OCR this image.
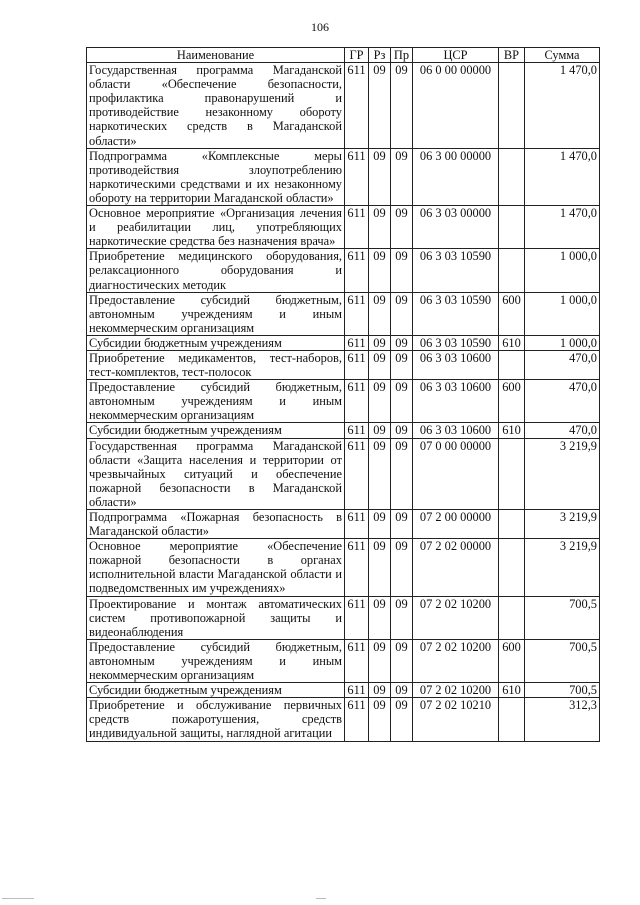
106
Наименование	ГР	Рз	Пр	ЦСР	ВР	Сумма
Государственная программа Магаданской области «Обеспечение безопасности, профилактика правонарушений и противодействие незаконному обороту наркотических средств в Магаданской области»	611	09	09	06 0 00 00000		1 470,0
Подпрограмма «Комплексные меры противодействия злоупотреблению наркотическими средствами и их незаконному обороту на территории Магаданской области»	611	09	09	06 3 00 00000		1 470,0
Основное мероприятие «Организация лечения и реабилитации лиц, употребляющих наркотические средства без назначения врача»	611	09	09	06 3 03 00000		1 470,0
Приобретение медицинского оборудования, релаксационного оборудования и диагностических методик	611	09	09	06 3 03 10590		1 000,0
Предоставление субсидий бюджетным, автономным учреждениям и иным некоммерческим организациям	611	09	09	06 3 03 10590	600	1 000,0
Субсидии бюджетным учреждениям	611	09	09	06 3 03 10590	610	1 000,0
Приобретение медикаментов, тест-наборов, тест-комплектов, тест-полосок	611	09	09	06 3 03 10600		470,0
Предоставление субсидий бюджетным, автономным учреждениям и иным некоммерческим организациям	611	09	09	06 3 03 10600	600	470,0
Субсидии бюджетным учреждениям	611	09	09	06 3 03 10600	610	470,0
Государственная программа Магаданской области «Защита населения и территории от чрезвычайных ситуаций и обеспечение пожарной безопасности в Магаданской области»	611	09	09	07 0 00 00000		3 219,9
Подпрограмма «Пожарная безопасность в Магаданской области»	611	09	09	07 2 00 00000		3 219,9
Основное мероприятие «Обеспечение пожарной безопасности в органах исполнительной власти Магаданской области и подведомственных им учреждениях»	611	09	09	07 2 02 00000		3 219,9
Проектирование и монтаж автоматических систем противопожарной защиты и видеонаблюдения	611	09	09	07 2 02 10200		700,5
Предоставление субсидий бюджетным, автономным учреждениям и иным некоммерческим организациям	611	09	09	07 2 02 10200	600	700,5
Субсидии бюджетным учреждениям	611	09	09	07 2 02 10200	610	700,5
Приобретение и обслуживание первичных средств пожаротушения, средств индивидуальной защиты, наглядной агитации	611	09	09	07 2 02 10210		312,3
